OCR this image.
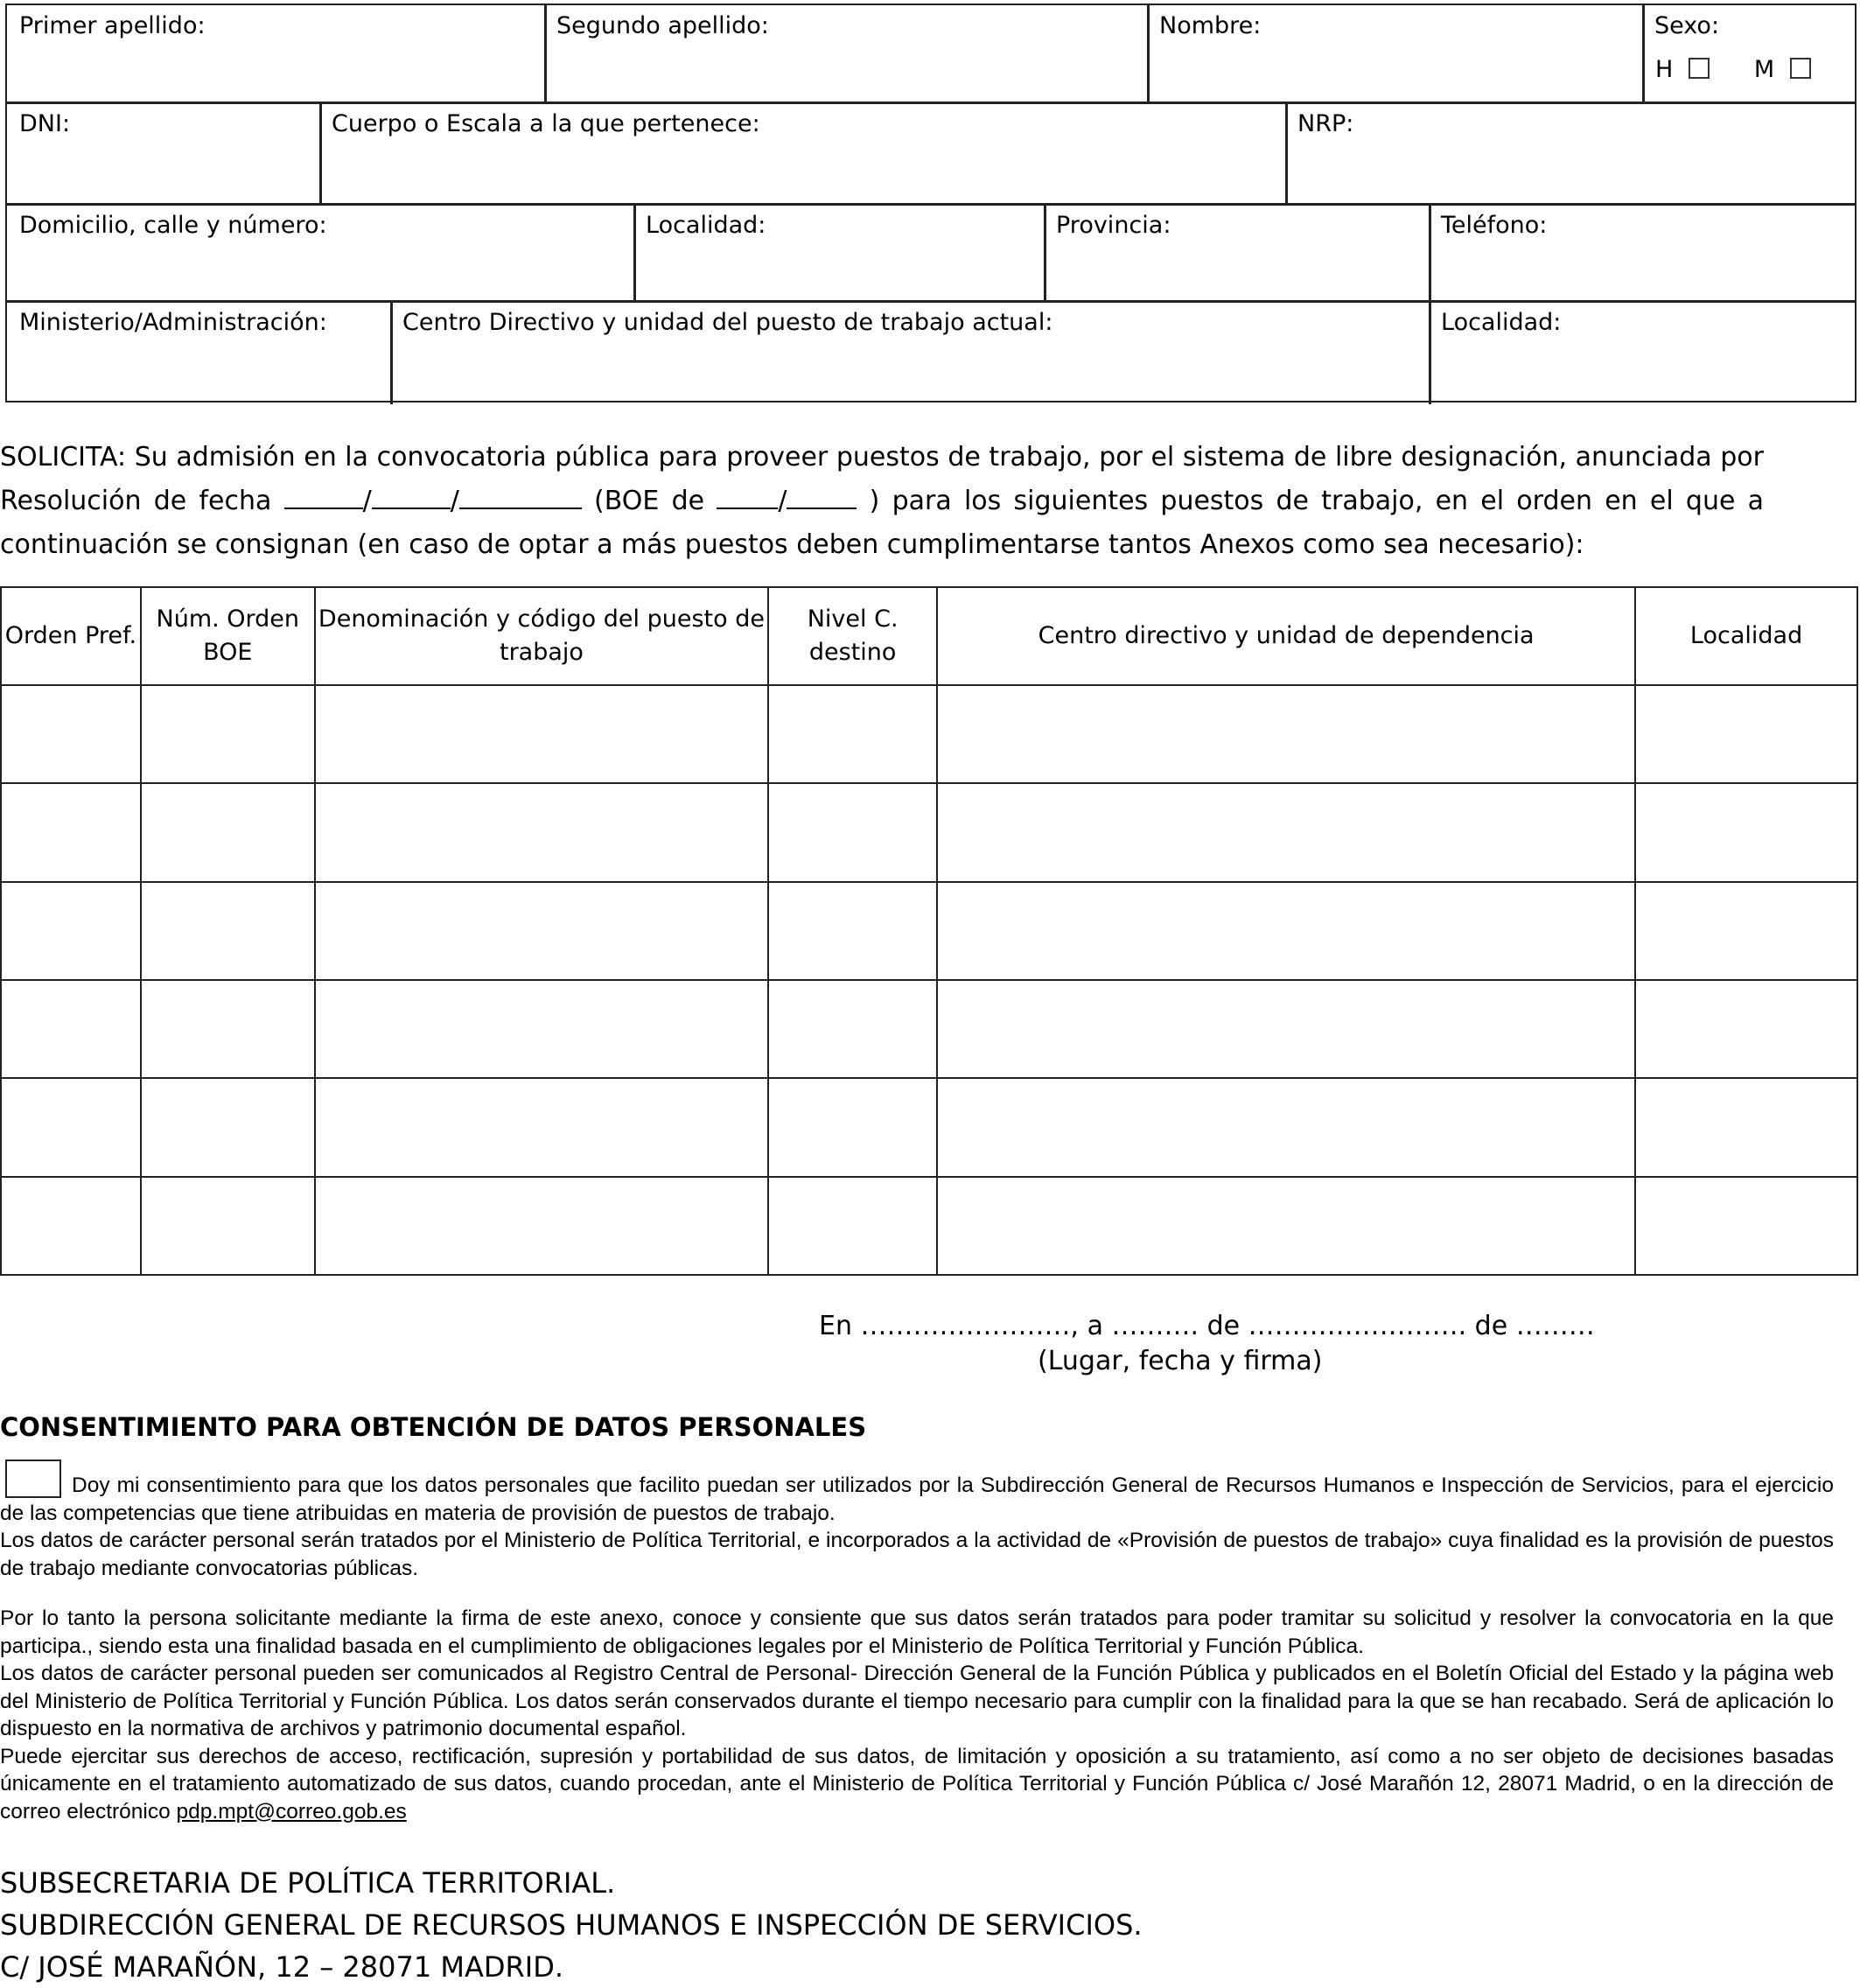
Primer apellido:	Segundo apellido:	Nombre:	Sexo:
H	M
DNI:	Cuerpo o Escala a la que pertenece:	NRP:
Domicilio, calle y número:	Localidad:	Provincia:	Teléfono:
Ministerio/Administración:	Centro Directivo y unidad del puesto de trabajo actual:	Localidad:
SOLICITA: Su admisión en la convocatoria pública para proveer puestos de trabajo, por el sistema de libre designación, anunciada por Resolución de fecha	/	/	(BOE de	/	) para los siguientes puestos de trabajo, en el orden en el que a continuación se consignan (en caso de optar a más puestos deben cumplimentarse tantos Anexos como sea necesario):
Orden Pref.	Núm. Orden BOE	Denominación y código del puesto de trabajo	Nivel C. destino	Centro directivo y unidad de dependencia	Localidad

En ……………………, a ………. de ……………………. de ………
(Lugar, fecha y firma)
CONSENTIMIENTO PARA OBTENCIÓN DE DATOS PERSONALES

Doy mi consentimiento para que los datos personales que facilito puedan ser utilizados por la Subdirección General de Recursos Humanos e Inspección de Servicios, para el ejercicio de las competencias que tiene atribuidas en materia de provisión de puestos de trabajo.

Los datos de carácter personal serán tratados por el Ministerio de Política Territorial, e incorporados a la actividad de «Provisión de puestos de trabajo» cuya finalidad es la provisión de puestos de trabajo mediante convocatorias públicas.

Por lo tanto la persona solicitante mediante la firma de este anexo, conoce y consiente que sus datos serán tratados para poder tramitar su solicitud y resolver la convocatoria en la que participa., siendo esta una finalidad basada en el cumplimiento de obligaciones legales por el Ministerio de Política Territorial y Función Pública.

Los datos de carácter personal pueden ser comunicados al Registro Central de Personal- Dirección General de la Función Pública y publicados en el Boletín Oficial del Estado y la página web del Ministerio de Política Territorial y Función Pública. Los datos serán conservados durante el tiempo necesario para cumplir con la finalidad para la que se han recabado. Será de aplicación lo dispuesto en la normativa de archivos y patrimonio documental español.

Puede ejercitar sus derechos de acceso, rectificación, supresión y portabilidad de sus datos, de limitación y oposición a su tratamiento, así como a no ser objeto de decisiones basadas únicamente en el tratamiento automatizado de sus datos, cuando procedan, ante el Ministerio de Política Territorial y Función Pública c/ José Marañón 12, 28071 Madrid, o en la dirección de correo electrónico pdp.mpt@correo.gob.es

SUBSECRETARIA DE POLÍTICA TERRITORIAL.
SUBDIRECCIÓN GENERAL DE RECURSOS HUMANOS E INSPECCIÓN DE SERVICIOS.
C/ JOSÉ MARAÑÓN, 12 – 28071 MADRID.
